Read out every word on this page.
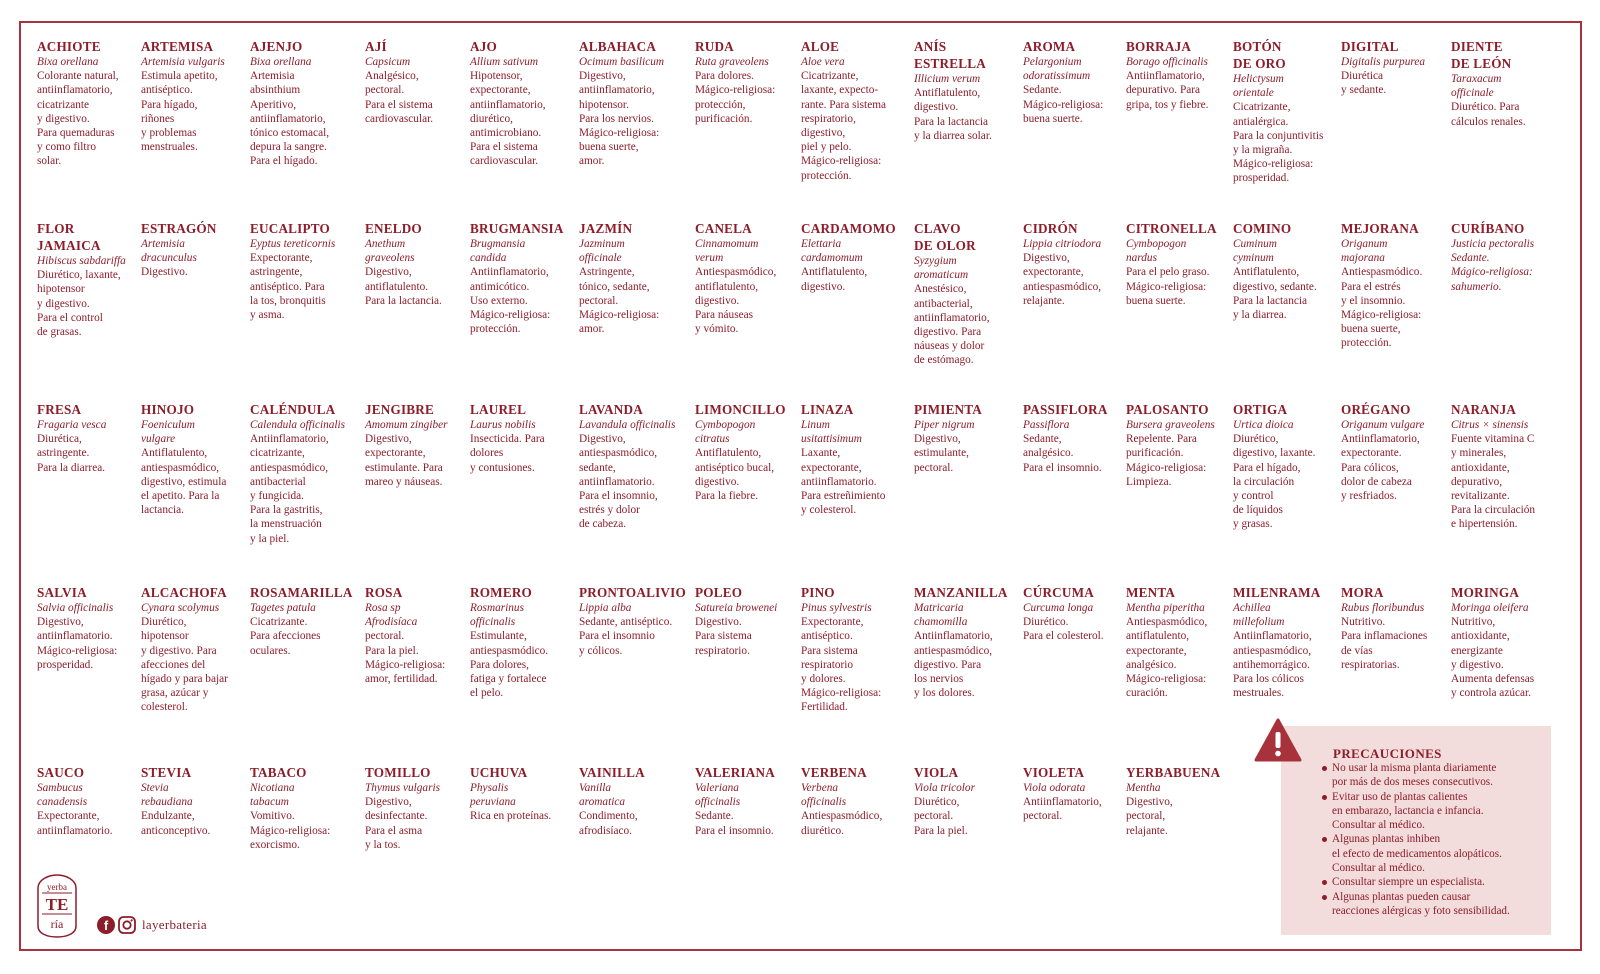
ACHIOTE
Bixa orellana
Colorante natural,
antiinflamatorio,
cicatrizante
y digestivo.
Para quemaduras
y como filtro
solar.
ARTEMISA
Artemisia vulgaris
Estimula apetito,
antiséptico.
Para hígado,
riñones
y problemas
menstruales.
AJENJO
Bixa orellana
Artemisia
absinthium
Aperitivo,
antiinflamatorio,
tónico estomacal,
depura la sangre.
Para el hígado.
AJÍ
Capsicum
Analgésico,
pectoral.
Para el sistema
cardiovascular.
AJO
Allium sativum
Hipotensor,
expectorante,
antiinflamatorio,
diurético,
antimicrobiano.
Para el sistema
cardiovascular.
ALBAHACA
Ocimum basilicum
Digestivo,
antiinflamatorio,
hipotensor.
Para los nervios.
Mágico-religiosa:
buena suerte,
amor.
RUDA
Ruta graveolens
Para dolores.
Mágico-religiosa:
protección,
purificación.
ALOE
Aloe vera
Cicatrizante,
laxante, expecto-
rante. Para sistema
respiratorio,
digestivo,
piel y pelo.
Mágico-religiosa:
protección.
ANÍS
ESTRELLA
Illicium verum
Antiflatulento,
digestivo.
Para la lactancia
y la diarrea solar.
AROMA
Pelargonium
odoratissimum
Sedante.
Mágico-religiosa:
buena suerte.
BORRAJA
Borago officinalis
Antiinflamatorio,
depurativo. Para
gripa, tos y fiebre.
BOTÓN
DE ORO
Helictysum
orientale
Cicatrizante,
antialérgica.
Para la conjuntivitis
y la migraña.
Mágico-religiosa:
prosperidad.
DIGITAL
Digitalis purpurea
Diurética
y sedante.
DIENTE
DE LEÓN
Taraxacum
officinale
Diurético. Para
cálculos renales.
FLOR
JAMAICA
Hibiscus sabdariffa
Diurético, laxante,
hipotensor
y digestivo.
Para el control
de grasas.
ESTRAGÓN
Artemisia
dracunculus
Digestivo.
EUCALIPTO
Eyptus tereticornis
Expectorante,
astringente,
antiséptico. Para
la tos, bronquitis
y asma.
ENELDO
Anethum
graveolens
Digestivo,
antiflatulento.
Para la lactancia.
BRUGMANSIA
Brugmansia
candida
Antiinflamatorio,
antimicótico.
Uso externo.
Mágico-religiosa:
protección.
JAZMÍN
Jazminum
officinale
Astringente,
tónico, sedante,
pectoral.
Mágico-religiosa:
amor.
CANELA
Cinnamomum
verum
Antiespasmódico,
antiflatulento,
digestivo.
Para náuseas
y vómito.
CARDAMOMO
Elettaria
cardamomum
Antiflatulento,
digestivo.
CLAVO
DE OLOR
Syzygium
aromaticum
Anestésico,
antibacterial,
antiinflamatorio,
digestivo. Para
náuseas y dolor
de estómago.
CIDRÓN
Lippia citriodora
Digestivo,
expectorante,
antiespasmódico,
relajante.
CITRONELLA
Cymbopogon
nardus
Para el pelo graso.
Mágico-religiosa:
buena suerte.
COMINO
Cuminum
cyminum
Antiflatulento,
digestivo, sedante.
Para la lactancia
y la diarrea.
MEJORANA
Origanum
majorana
Antiespasmódico.
Para el estrés
y el insomnio.
Mágico-religiosa:
buena suerte,
protección.
CURÍBANO
Justicia pectoralis
Sedante.
Mágico-religiosa:
sahumerio.
FRESA
Fragaria vesca
Diurética,
astringente.
Para la diarrea.
HINOJO
Foeniculum
vulgare
Antiflatulento,
antiespasmódico,
digestivo, estimula
el apetito. Para la
lactancia.
CALÉNDULA
Calendula officinalis
Antiinflamatorio,
cicatrizante,
antiespasmódico,
antibacterial
y fungicida.
Para la gastritis,
la menstruación
y la piel.
JENGIBRE
Amomum zingiber
Digestivo,
expectorante,
estimulante. Para
mareo y náuseas.
LAUREL
Laurus nobilis
Insecticida. Para
dolores
y contusiones.
LAVANDA
Lavandula officinalis
Digestivo,
antiespasmódico,
sedante,
antiinflamatorio.
Para el insomnio,
estrés y dolor
de cabeza.
LIMONCILLO
Cymbopogon
citratus
Antiflatulento,
antiséptico bucal,
digestivo.
Para la fiebre.
LINAZA
Linum
usitattisimum
Laxante,
expectorante,
antiinflamatorio.
Para estreñimiento
y colesterol.
PIMIENTA
Piper nigrum
Digestivo,
estimulante,
pectoral.
PASSIFLORA
Passiflora
Sedante,
analgésico.
Para el insomnio.
PALOSANTO
Bursera graveolens
Repelente. Para
purificación.
Mágico-religiosa:
Limpieza.
ORTIGA
Urtica dioica
Diurético,
digestivo, laxante.
Para el hígado,
la circulación
y control
de líquidos
y grasas.
ORÉGANO
Origanum vulgare
Antiinflamatorio,
expectorante.
Para cólicos,
dolor de cabeza
y resfriados.
NARANJA
Citrus × sinensis
Fuente vitamina C
y minerales,
antioxidante,
depurativo,
revitalizante.
Para la circulación
e hipertensión.
SALVIA
Salvia officinalis
Digestivo,
antiinflamatorio.
Mágico-religiosa:
prosperidad.
ALCACHOFA
Cynara scolymus
Diurético,
hipotensor
y digestivo. Para
afecciones del
hígado y para bajar
grasa, azúcar y
colesterol.
ROSAMARILLA
Tagetes patula
Cicatrizante.
Para afecciones
oculares.
ROSA
Rosa sp
Afrodisíaca
pectoral.
Para la piel.
Mágico-religiosa:
amor, fertilidad.
ROMERO
Rosmarinus
officinalis
Estimulante,
antiespasmódico.
Para dolores,
fatiga y fortalece
el pelo.
PRONTOALIVIO
Lippia alba
Sedante, antiséptico.
Para el insomnio
y cólicos.
POLEO
Satureia browenei
Digestivo.
Para sistema
respiratorio.
PINO
Pinus sylvestris
Expectorante,
antiséptico.
Para sistema
respiratorio
y dolores.
Mágico-religiosa:
Fertilidad.
MANZANILLA
Matricaria
chamomilla
Antiinflamatorio,
antiespasmódico,
digestivo. Para
los nervios
y los dolores.
CÚRCUMA
Curcuma longa
Diurético.
Para el colesterol.
MENTA
Mentha piperitha
Antiespasmódico,
antiflatulento,
expectorante,
analgésico.
Mágico-religiosa:
curación.
MILENRAMA
Achillea
millefolium
Antiinflamatorio,
antiespasmódico,
antihemorrágico.
Para los cólicos
mestruales.
MORA
Rubus floribundus
Nutritivo.
Para inflamaciones
de vías
respiratorias.
MORINGA
Moringa oleifera
Nutritivo,
antioxidante,
energizante
y digestivo.
Aumenta defensas
y controla azúcar.
SAUCO
Sambucus
canadensis
Expectorante,
antiinflamatorio.
STEVIA
Stevia
rebaudiana
Endulzante,
anticonceptivo.
TABACO
Nicotiana
tabacum
Vomitivo.
Mágico-religiosa:
exorcismo.
TOMILLO
Thymus vulgaris
Digestivo,
desinfectante.
Para el asma
y la tos.
UCHUVA
Physalis
peruviana
Rica en proteínas.
VAINILLA
Vanilla
aromatica
Condimento,
afrodisíaco.
VALERIANA
Valeriana
officinalis
Sedante.
Para el insomnio.
VERBENA
Verbena
officinalis
Antiespasmódico,
diurético.
VIOLA
Viola tricolor
Diurético,
pectoral.
Para la piel.
VIOLETA
Viola odorata
Antiinflamatorio,
pectoral.
YERBABUENA
Mentha
Digestivo,
pectoral,
relajante.
PRECAUCIONES
No usar la misma planta diariamente
por más de dos meses consecutivos.
Evitar uso de plantas calientes
en embarazo, lactancia e infancia.
Consultar al médico.
Algunas plantas inhiben
el efecto de medicamentos alopáticos.
Consultar al médico.
Consultar siempre un especialista.
Algunas plantas pueden causar
reacciones alérgicas y foto sensibilidad.
yerba
TE
ría	f	layerbateria
